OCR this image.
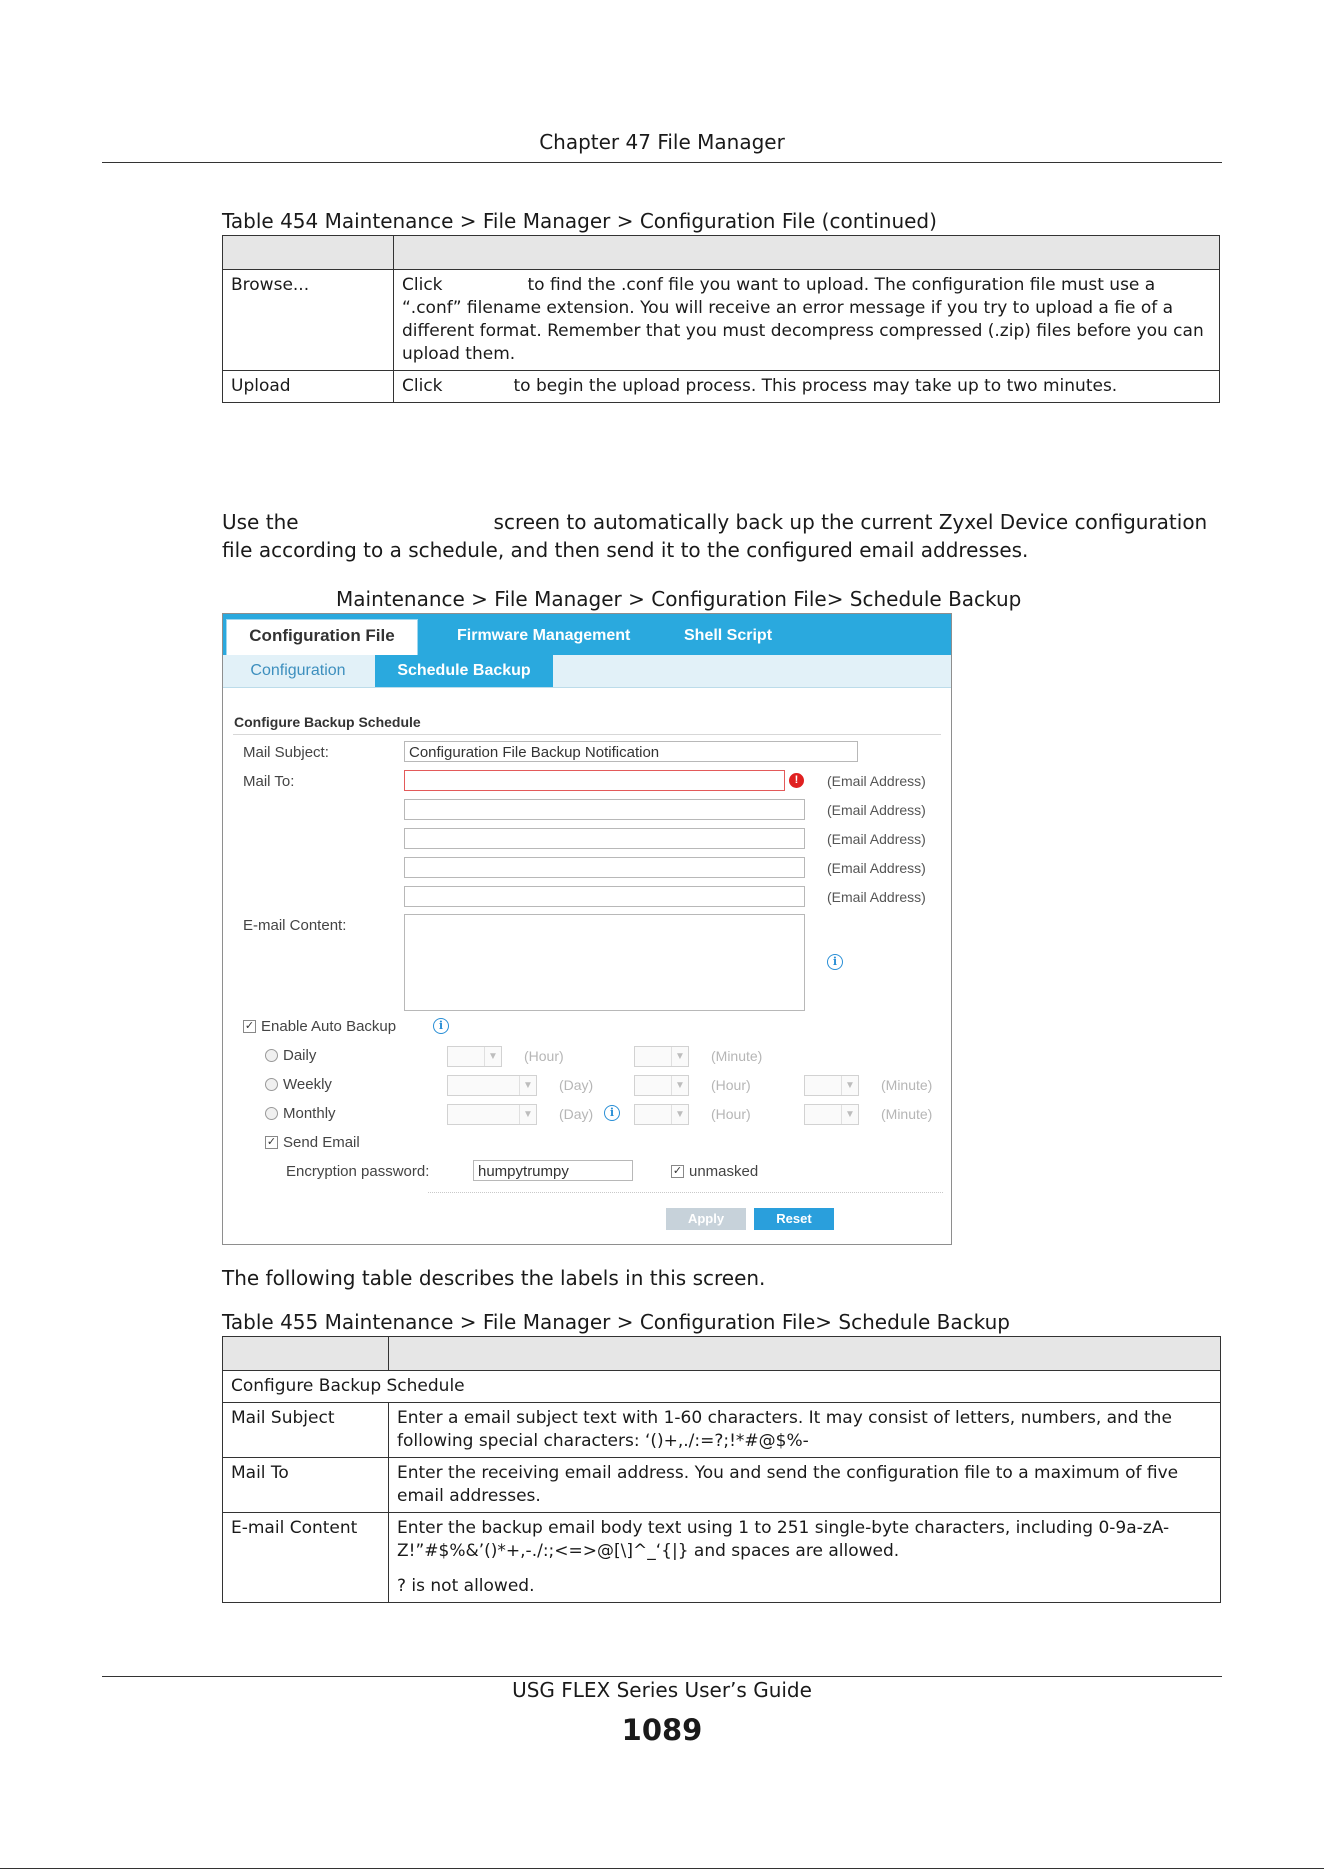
Chapter 47 File Manager
Table 454 Maintenance > File Manager > Configuration File (continued)

Browse...	Click to find the .conf file you want to upload. The configuration file must use a “.conf” filename extension. You will receive an error message if you try to upload a fie of a different format. Remember that you must decompress compressed (.zip) files before you can upload them.
Upload	Click to begin the upload process. This process may take up to two minutes.
Use the	screen to automatically back up the current Zyxel Device configuration file according to a schedule, and then send it to the configured email addresses.
Maintenance > File Manager > Configuration File> Schedule Backup
Configuration File	Firmware Management	Shell Script
Configuration	Schedule Backup
Configure Backup Schedule
Mail Subject:	Configuration File Backup Notification
Mail To:	!	(Email Address)
(Email Address)
(Email Address)
(Email Address)
(Email Address)
E-mail Content:
i
✓ Enable Auto Backup	i
Daily	▼ (Hour)	▼ (Minute)
Weekly	▼ (Day)	▼ (Hour)	▼ (Minute)
Monthly	▼ (Day)	i	▼ (Hour)	▼ (Minute)
✓ Send Email
Encryption password:	humpytrumpy	✓ unmasked
Apply	Reset
The following table describes the labels in this screen.
Table 455 Maintenance > File Manager > Configuration File> Schedule Backup

Configure Backup Schedule	
Mail Subject	Enter a email subject text with 1-60 characters. It may consist of letters, numbers, and the following special characters: ‘()+,./:=?;!*#@$%-
Mail To	Enter the receiving email address. You and send the configuration file to a maximum of five email addresses.
E-mail Content	Enter the backup email body text using 1 to 251 single-byte characters, including 0-9a-zA-Z!”#$%&’()*+,-./:;<=>@[\]^_‘{|} and spaces are allowed.
? is not allowed.
USG FLEX Series User’s Guide
1089
